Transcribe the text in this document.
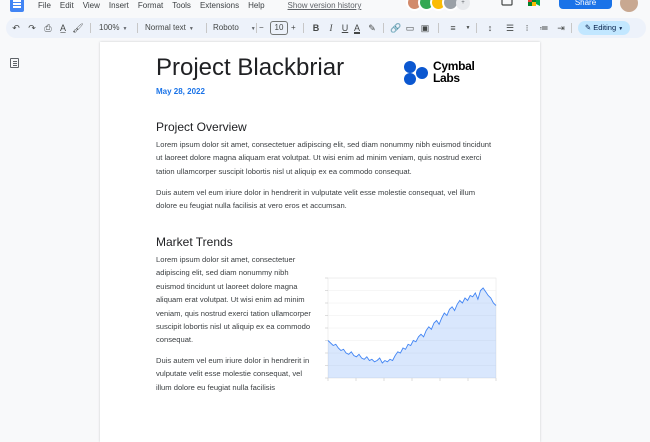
File Edit View Insert Format Tools Extensions Help	Show version history	+	Share
↶ ↷ ⎙ A̲ 🖌 100% ▼ Normal text ▼ Roboto ▼ −	10 +	B	I	U A ✎ 🔗 ▭ ▣	≡	▼	↕	☰	⁝	≔ ⇥	✎ Editing ▼
Project Blackbriar
May 28, 2022
Cymbal
Labs
Project Overview

Lorem ipsum dolor sit amet, consectetuer adipiscing elit, sed diam nonummy nibh euismod tincidunt ut laoreet dolore magna aliquam erat volutpat. Ut wisi enim ad minim veniam, quis nostrud exerci tation ullamcorper suscipit lobortis nisl ut aliquip ex ea commodo consequat.

Duis autem vel eum iriure dolor in hendrerit in vulputate velit esse molestie consequat, vel illum dolore eu feugiat nulla facilisis at vero eros et accumsan.

Market Trends

Lorem ipsum dolor sit amet, consectetuer adipiscing elit, sed diam nonummy nibh euismod tincidunt ut laoreet dolore magna aliquam erat volutpat. Ut wisi enim ad minim veniam, quis nostrud exerci tation ullamcorper suscipit lobortis nisl ut aliquip ex ea commodo consequat.

Duis autem vel eum iriure dolor in hendrerit in vulputate velit esse molestie consequat, vel illum dolore eu feugiat nulla facilisis
